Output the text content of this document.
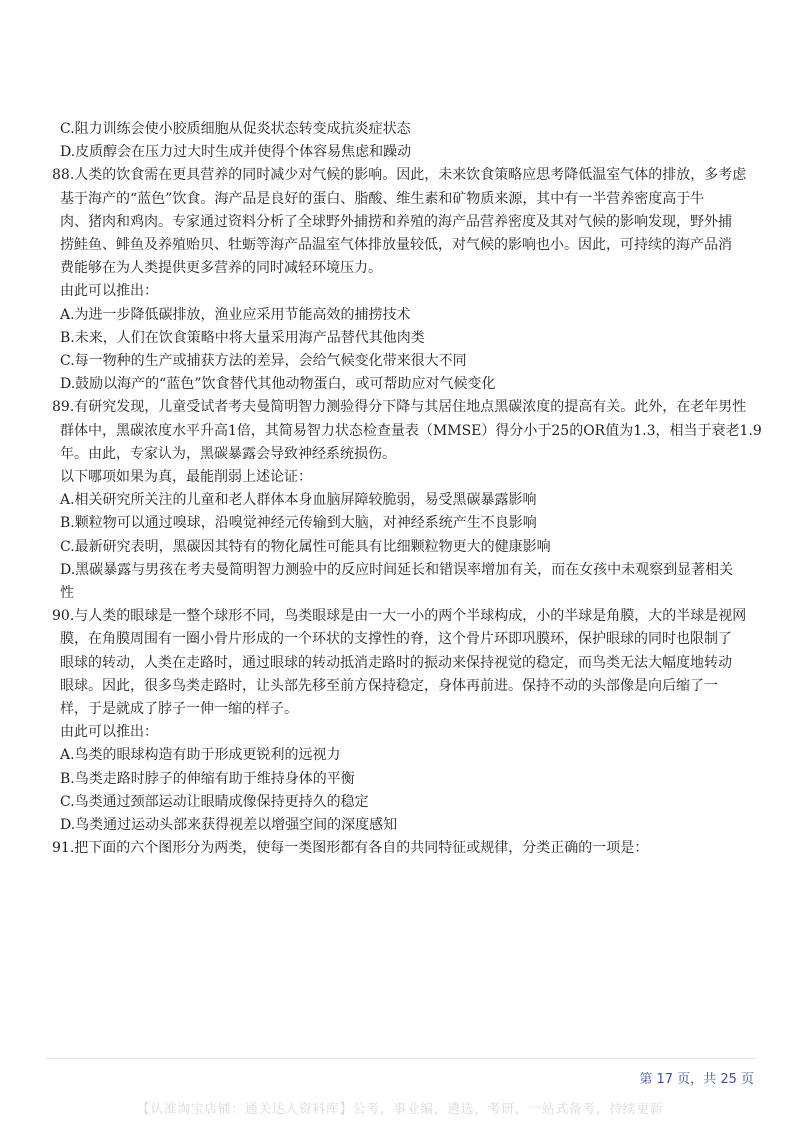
C.阻力训练会使小胶质细胞从促炎状态转变成抗炎症状态
D.皮质醇会在压力过大时生成并使得个体容易焦虑和躁动
88.人类的饮食需在更具营养的同时减少对气候的影响。因此，未来饮食策略应思考降低温室气体的排放，多考虑
基于海产的“蓝色”饮食。海产品是良好的蛋白、脂酸、维生素和矿物质来源，其中有一半营养密度高于牛
肉、猪肉和鸡肉。专家通过资料分析了全球野外捕捞和养殖的海产品营养密度及其对气候的影响发现，野外捕
捞鲑鱼、鲱鱼及养殖贻贝、牡蛎等海产品温室气体排放量较低，对气候的影响也小。因此，可持续的海产品消
费能够在为人类提供更多营养的同时减轻环境压力。
由此可以推出：
A.为进一步降低碳排放，渔业应采用节能高效的捕捞技术
B.未来，人们在饮食策略中将大量采用海产品替代其他肉类
C.每一物种的生产或捕获方法的差异，会给气候变化带来很大不同
D.鼓励以海产的“蓝色”饮食替代其他动物蛋白，或可帮助应对气候变化
89.有研究发现，儿童受试者考夫曼简明智力测验得分下降与其居住地点黑碳浓度的提高有关。此外，在老年男性
群体中，黑碳浓度水平升高1倍，其简易智力状态检查量表（MMSE）得分小于25的OR值为1.3，相当于衰老1.9
年。由此，专家认为，黑碳暴露会导致神经系统损伤。
以下哪项如果为真，最能削弱上述论证：
A.相关研究所关注的儿童和老人群体本身血脑屏障较脆弱，易受黑碳暴露影响
B.颗粒物可以通过嗅球，沿嗅觉神经元传输到大脑，对神经系统产生不良影响
C.最新研究表明，黑碳因其特有的物化属性可能具有比细颗粒物更大的健康影响
D.黑碳暴露与男孩在考夫曼简明智力测验中的反应时间延长和错误率增加有关，而在女孩中未观察到显著相关
性
90.与人类的眼球是一整个球形不同，鸟类眼球是由一大一小的两个半球构成，小的半球是角膜，大的半球是视网
膜，在角膜周围有一圈小骨片形成的一个环状的支撑性的脊，这个骨片环即巩膜环，保护眼球的同时也限制了
眼球的转动，人类在走路时，通过眼球的转动抵消走路时的振动来保持视觉的稳定，而鸟类无法大幅度地转动
眼球。因此，很多鸟类走路时，让头部先移至前方保持稳定，身体再前进。保持不动的头部像是向后缩了一
样，于是就成了脖子一伸一缩的样子。
由此可以推出：
A.鸟类的眼球构造有助于形成更锐利的远视力
B.鸟类走路时脖子的伸缩有助于维持身体的平衡
C.鸟类通过颈部运动让眼睛成像保持更持久的稳定
D.鸟类通过运动头部来获得视差以增强空间的深度感知
91.把下面的六个图形分为两类，使每一类图形都有各自的共同特征或规律，分类正确的一项是：
第 17 页，共 25 页
【认准淘宝店铺：通关达人资料库】公考，事业编，遴选，考研，一站式备考，持续更新
